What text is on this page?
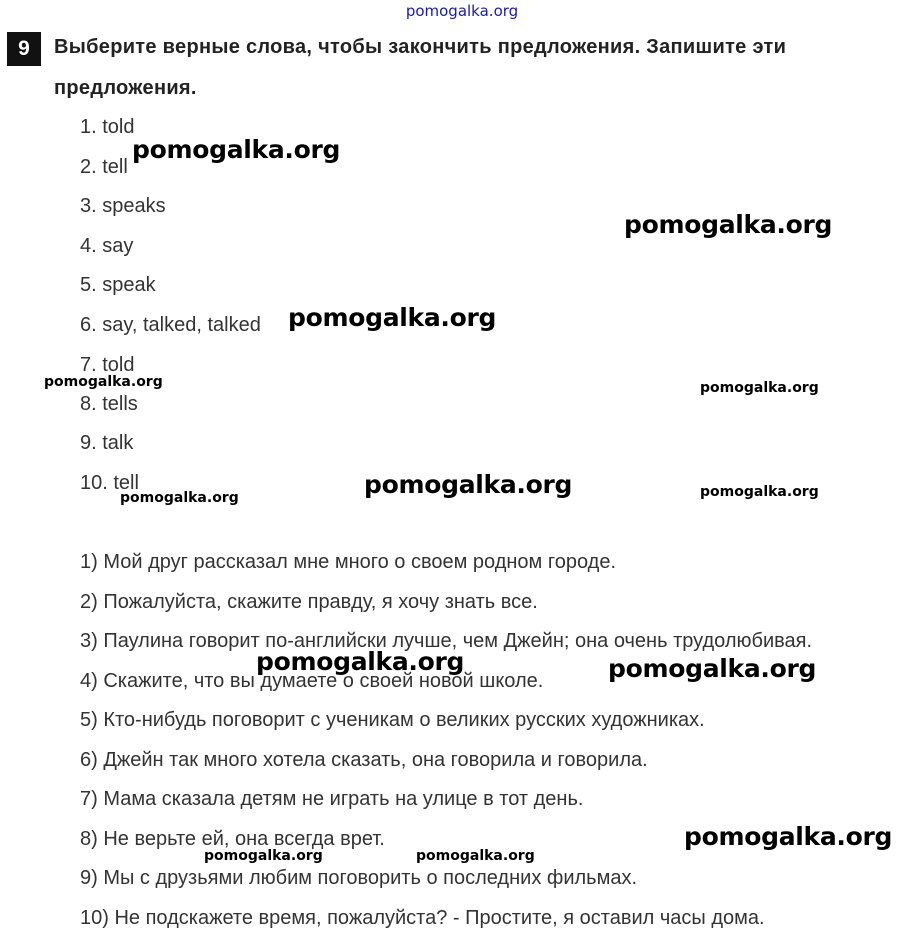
pomogalka.org
9	Выберите верные слова, чтобы закончить предложения. Запишите эти
предложения.
1. told
2. tell
3. speaks
4. say
5. speak
6. say, talked, talked
7. told
8. tells
9. talk
10. tell
1) Мой друг рассказал мне много о своем родном городе.
2) Пожалуйста, скажите правду, я хочу знать все.
3) Паулина говорит по-английски лучше, чем Джейн; она очень трудолюбивая.
4) Скажите, что вы думаете о своей новой школе.
5) Кто-нибудь поговорит с ученикам о великих русских художниках.
6) Джейн так много хотела сказать, она говорила и говорила.
7) Мама сказала детям не играть на улице в тот день.
8) Не верьте ей, она всегда врет.
9) Мы с друзьями любим поговорить о последних фильмах.
10) Не подскажете время, пожалуйста? - Простите, я оставил часы дома.
pomogalka.org
pomogalka.org
pomogalka.org
pomogalka.org	pomogalka.org
pomogalka.org	pomogalka.org
pomogalka.org
pomogalka.org	pomogalka.org
pomogalka.org
pomogalka.org	pomogalka.org
